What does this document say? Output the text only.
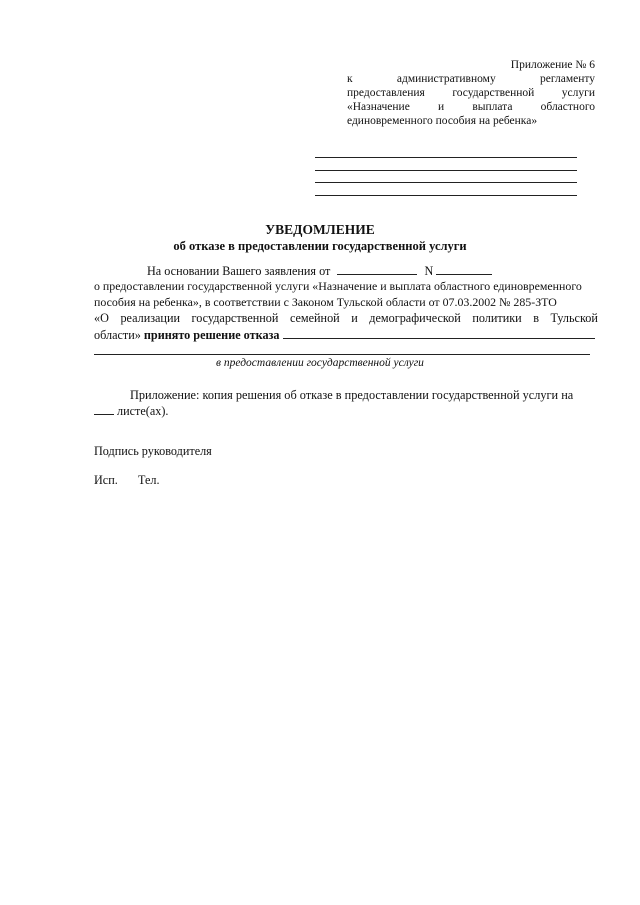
Приложение № 6
к	административному	регламенту
предоставления государственной услуги
«Назначение и выплата областного
единовременного пособия на ребенка»
УВЕДОМЛЕНИЕ
об отказе в предоставлении государственной услуги
На основании Вашего заявления от	N
о предоставлении государственной услуги «Назначение и выплата областного единовременного
пособия на ребенка», в соответствии с Законом Тульской области от 07.03.2002 № 285-ЗТО
«О реализации государственной семейной и демографической политики в Тульской
области» принято решение отказа
в предоставлении государственной услуги
Приложение: копия решения об отказе в предоставлении государственной услуги на
листе(ах).
Подпись руководителя
Исп. Тел.
